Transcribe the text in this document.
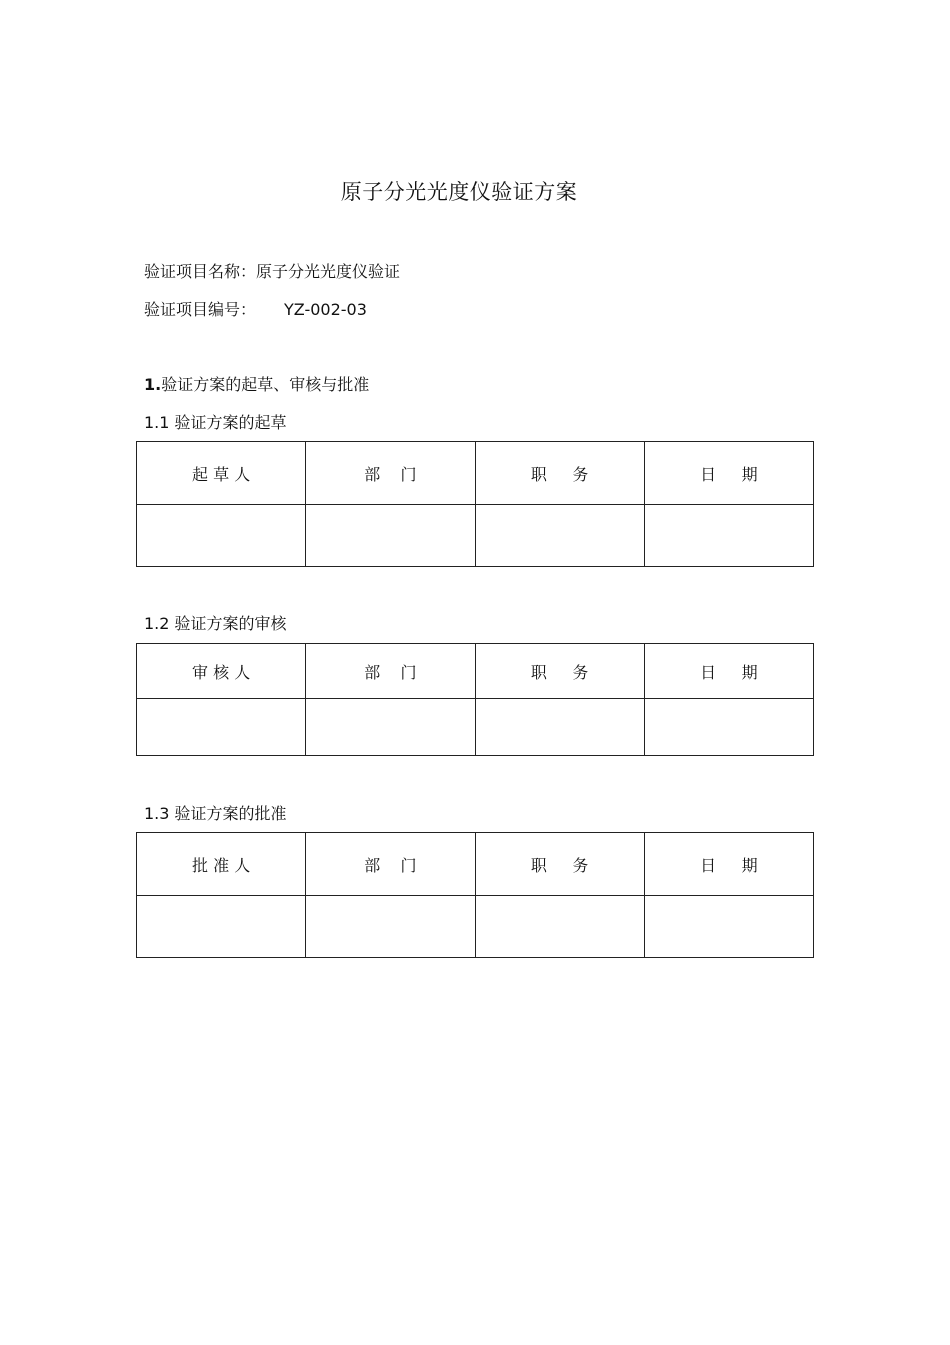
原子分光光度仪验证方案
验证项目名称：原子分光光度仪验证
验证项目编号： YZ-002-03
1.验证方案的起草、审核与批准
1.1 验证方案的起草
起 草 人	部    门	职     务	日     期

1.2 验证方案的审核
审 核 人	部    门	职     务	日     期

1.3 验证方案的批准
批 准 人	部    门	职     务	日     期
